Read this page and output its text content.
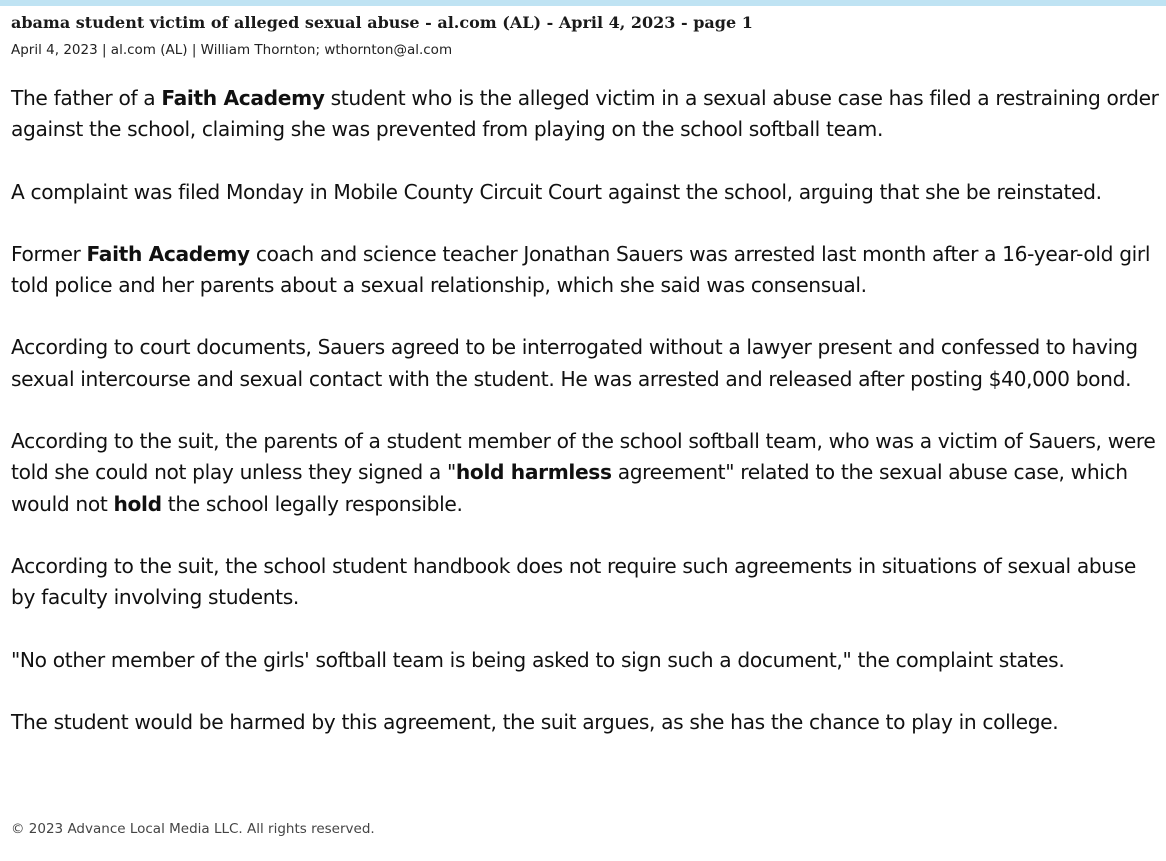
abama student victim of alleged sexual abuse - al.com (AL) - April 4, 2023 - page 1
April 4, 2023 | al.com (AL) | William Thornton; wthornton@al.com

The father of a Faith Academy student who is the alleged victim in a sexual abuse case has filed a restraining order against the school, claiming she was prevented from playing on the school softball team.

A complaint was filed Monday in Mobile County Circuit Court against the school, arguing that she be reinstated.

Former Faith Academy coach and science teacher Jonathan Sauers was arrested last month after a 16-year-old girl told police and her parents about a sexual relationship, which she said was consensual.

According to court documents, Sauers agreed to be interrogated without a lawyer present and confessed to having sexual intercourse and sexual contact with the student. He was arrested and released after posting $40,000 bond.

According to the suit, the parents of a student member of the school softball team, who was a victim of Sauers, were told she could not play unless they signed a "hold harmless agreement" related to the sexual abuse case, which would not hold the school legally responsible.

According to the suit, the school student handbook does not require such agreements in situations of sexual abuse by faculty involving students.

"No other member of the girls' softball team is being asked to sign such a document," the complaint states.

The student would be harmed by this agreement, the suit argues, as she has the chance to play in college.

© 2023 Advance Local Media LLC. All rights reserved.
